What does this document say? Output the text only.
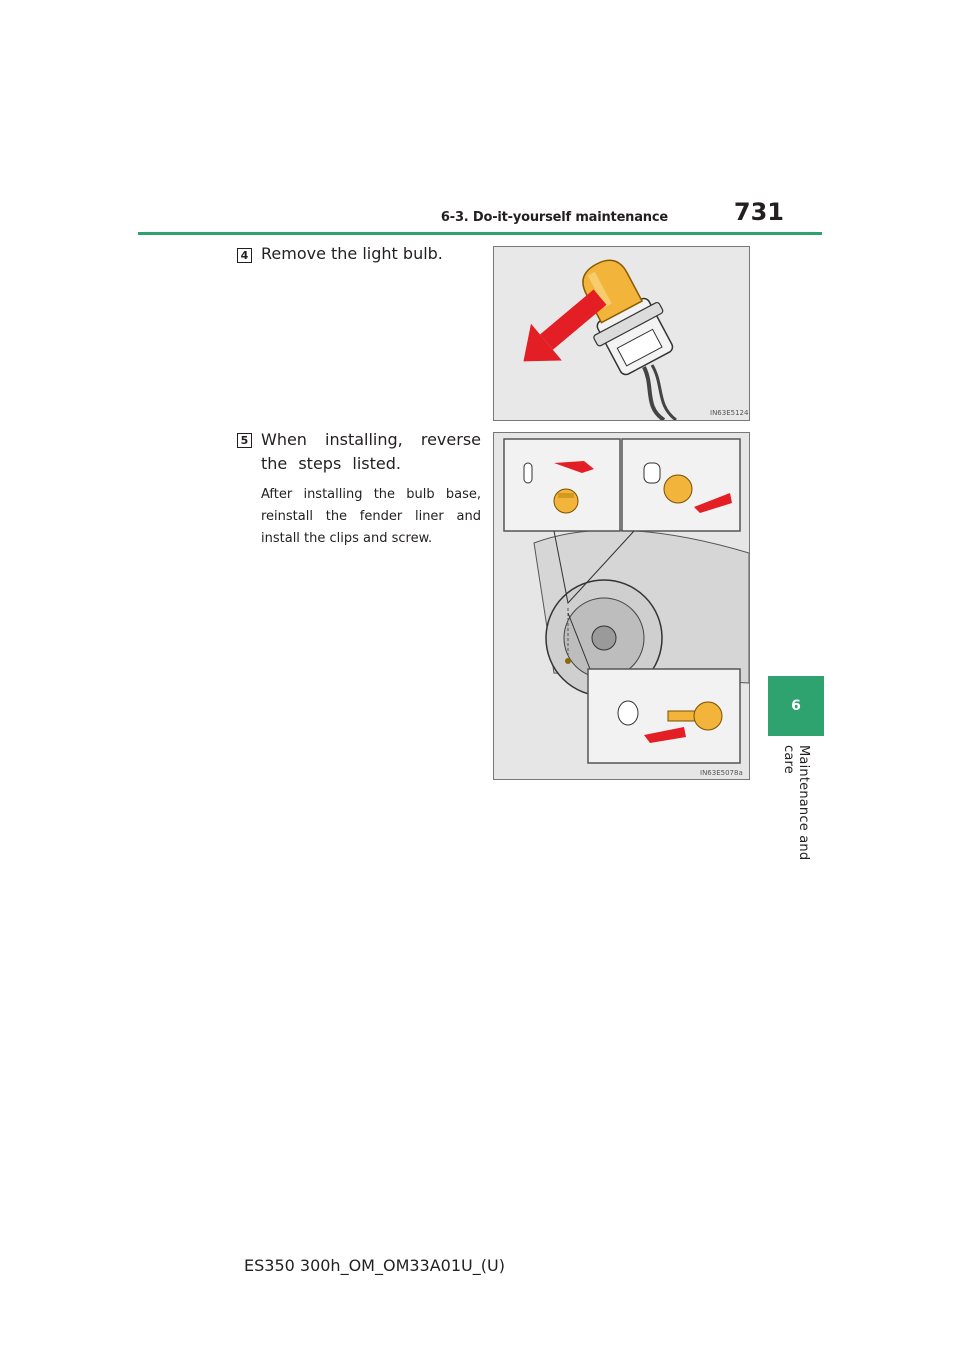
6-3. Do-it-yourself maintenance	731
6
Maintenance and care
4 Remove the light bulb.
5 When installing, reverse the steps listed.
After installing the bulb base, reinstall the fender liner and install the clips and screw.
IN63E5124
IN63E5078a
ES350 300h_OM_OM33A01U_(U)
